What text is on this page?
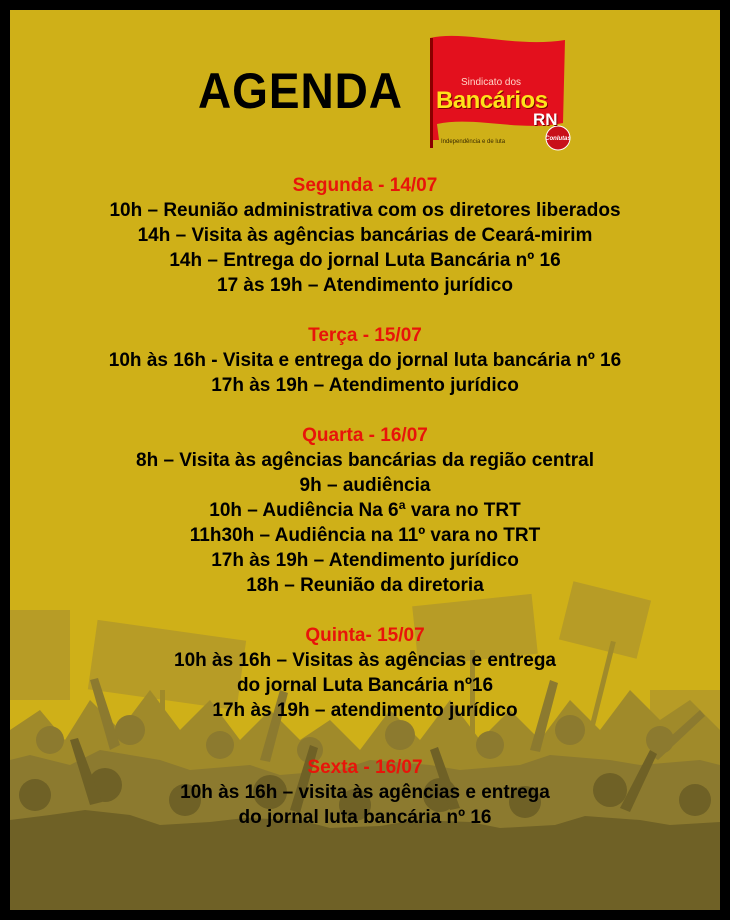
AGENDA
Conlutas
Sindicato dos
Bancários
RN
Independência e de luta
Segunda - 14/07
10h – Reunião administrativa com os diretores liberados
14h – Visita às agências bancárias de Ceará-mirim
14h – Entrega do jornal Luta Bancária nº 16
17 às 19h – Atendimento jurídico
Terça - 15/07
10h às 16h - Visita e entrega do jornal luta bancária nº 16
17h às 19h – Atendimento jurídico
Quarta - 16/07
8h – Visita às agências bancárias da região central
9h – audiência
10h – Audiência Na 6ª vara no TRT
11h30h – Audiência na 11º vara no TRT
17h às 19h – Atendimento jurídico
18h – Reunião da diretoria
Quinta- 15/07
10h às 16h – Visitas às agências e entrega
do jornal Luta Bancária nº16
17h às 19h – atendimento jurídico
Sexta - 16/07
10h às 16h – visita às agências e entrega
do jornal luta bancária nº 16
